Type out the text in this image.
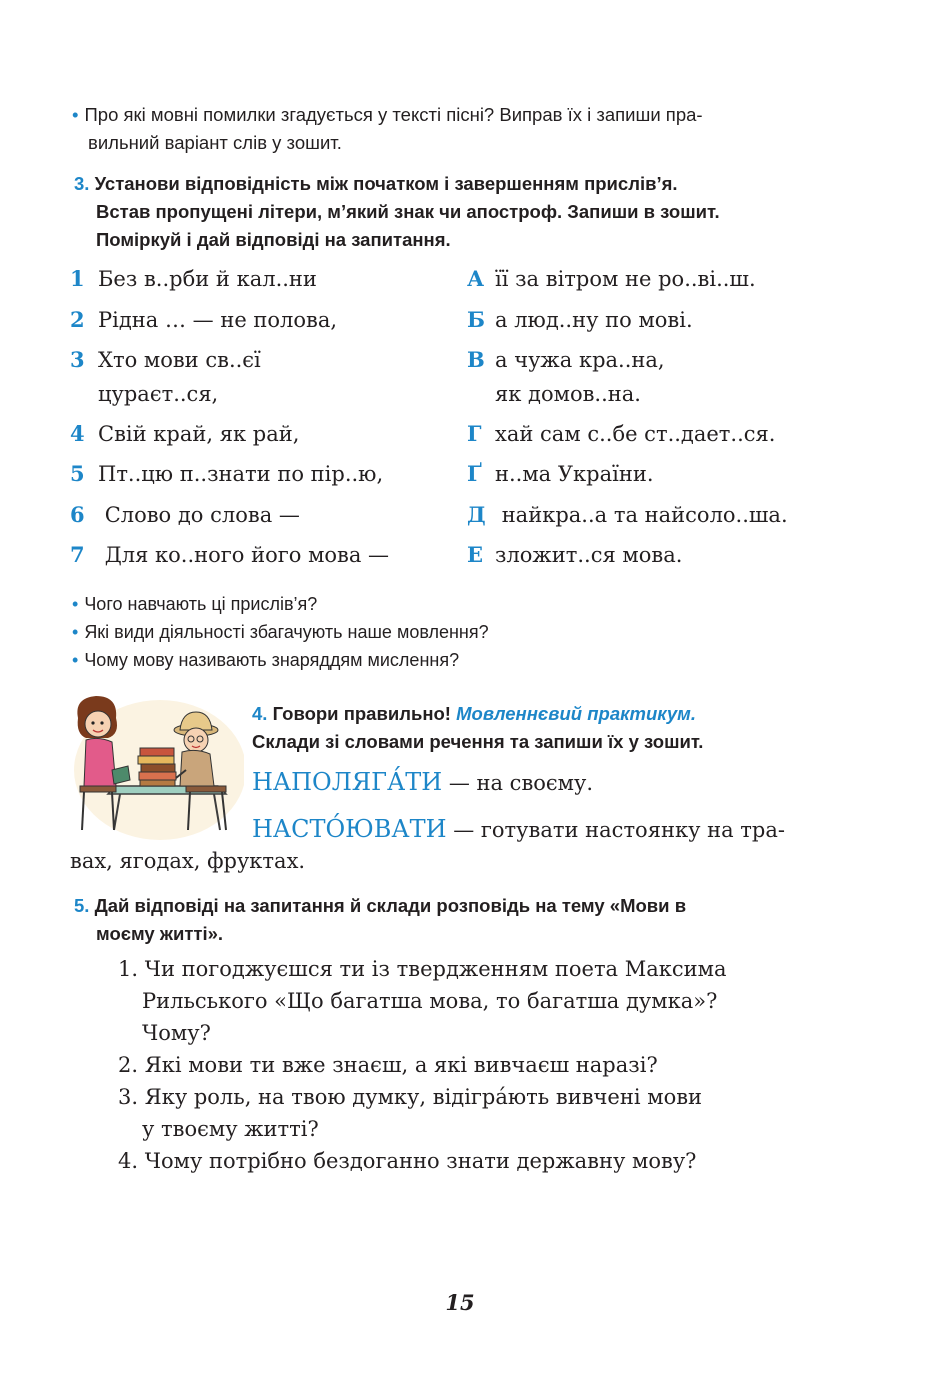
• Про які мовні помилки згадується у тексті пісні? Виправ їх і запиши пра-
вильний варіант слів у зошит.
3. Установи відповідність між початком і завершенням прислів’я.
Встав пропущені літери, м’який знак чи апостроф. Запиши в зошит.
Поміркуй і дай відповіді на запитання.
1 Без в..рби й кал..ни
2 Рідна … — не полова,
3 Хто мови св..єї
цураєт..ся,
4 Свій край, як рай,
5 Пт..цю п..знати по пір..ю,
6 Слово до слова —
7 Для ко..ного його мова —
А її за вітром не ро..ві..ш.
Б а люд..ну по мові.
В а чужа кра..на,
як домов..на.
Г хай сам с..бе ст..дает..ся.
Ґ н..ма України.
Д найкра..а та найсоло..ша.
Е зложит..ся мова.
• Чого навчають ці прислів’я?
• Які види діяльності збагачують наше мовлення?
• Чому мову називають знаряддям мислення?
4. Говори правильно! Мовленнєвий практикум.
Склади зі словами речення та запиши їх у зошит.
НАПОЛЯГА́ТИ — на своєму.
НАСТО́ЮВАТИ — готувати настоянку на тра-
вах, ягодах, фруктах.
5. Дай відповіді на запитання й склади розповідь на тему «Мови в
моєму житті».
1. Чи погоджуєшся ти із твердженням поета Максима
Рильського «Що багатша мова, то багатша думка»?
Чому?
2. Які мови ти вже знаєш, а які вивчаєш наразі?
3. Яку роль, на твою думку, відігра́ють вивчені мови
у твоєму житті?
4. Чому потрібно бездоганно знати державну мову?
15
